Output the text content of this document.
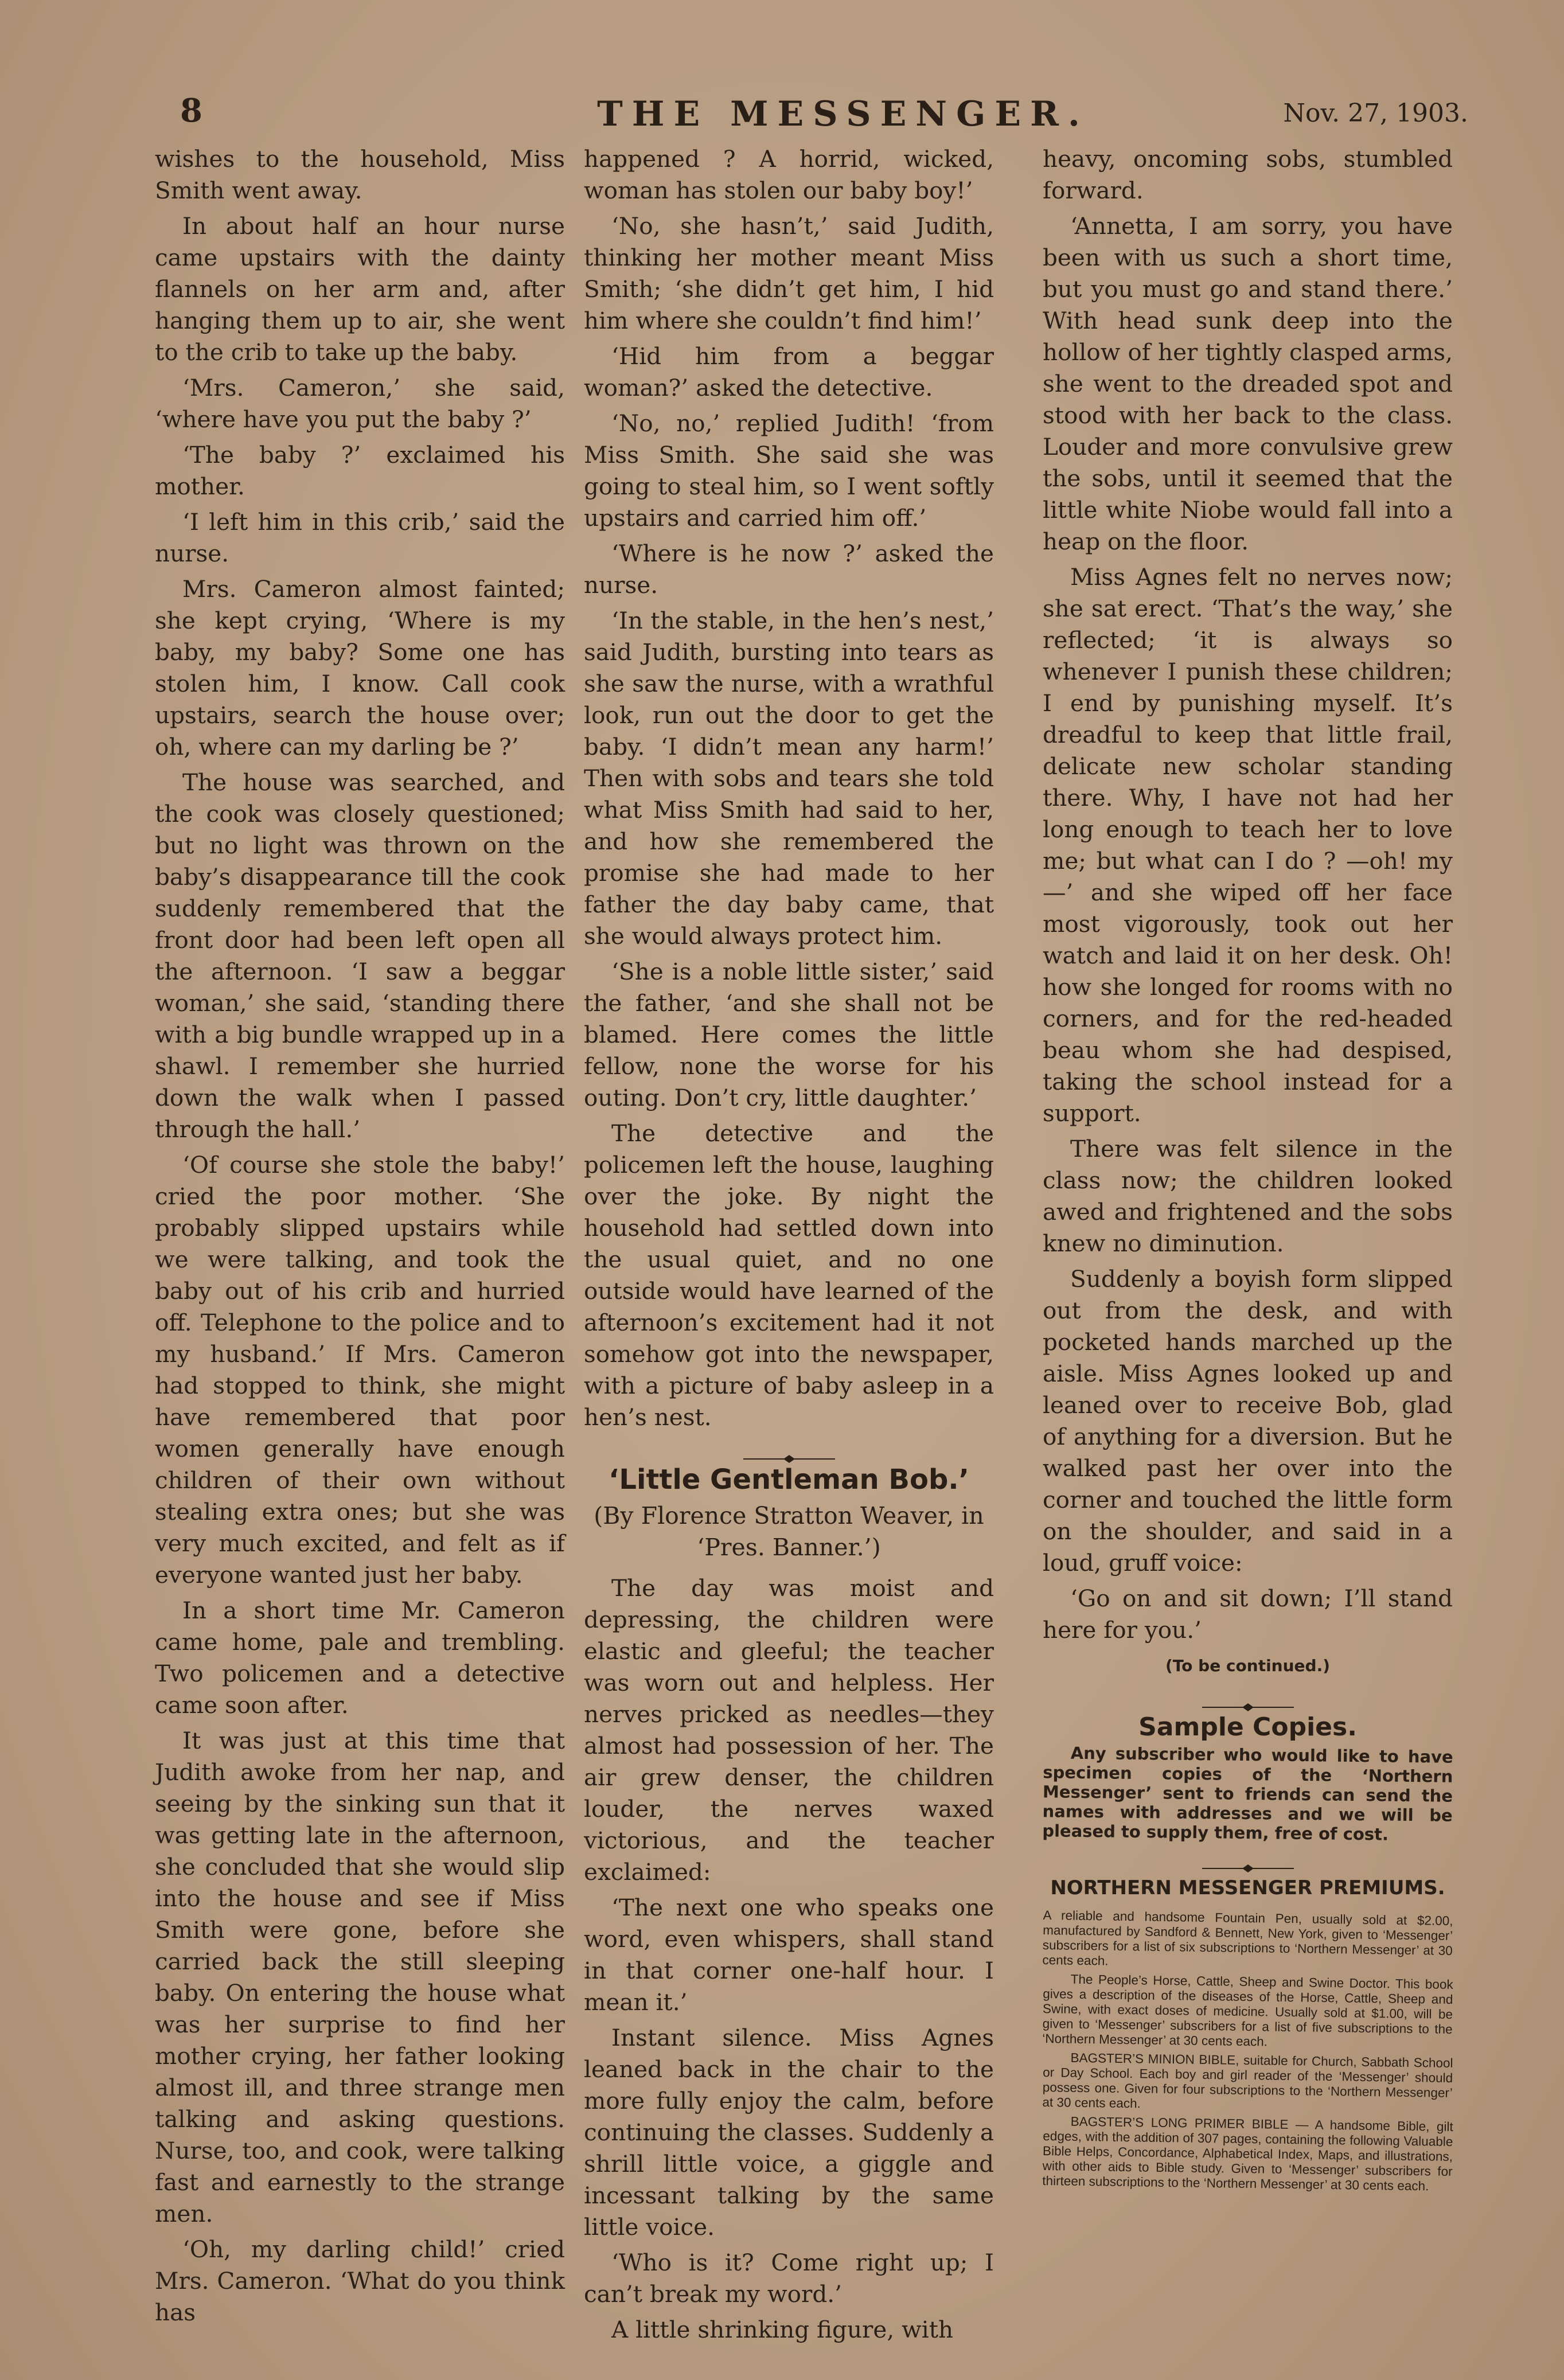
8	THE MESSENGER.	Nov. 27, 1903.

wishes to the household, Miss Smith went away.

In about half an hour nurse came upstairs with the dainty flannels on her arm and, after hanging them up to air, she went to the crib to take up the baby.

‘Mrs. Cameron,’ she said, ‘where have you put the baby ?’

‘The baby ?’ exclaimed his mother.

‘I left him in this crib,’ said the nurse.

Mrs. Cameron almost fainted; she kept crying, ‘Where is my baby, my baby? Some one has stolen him, I know. Call cook upstairs, search the house over; oh, where can my darling be ?’

The house was searched, and the cook was closely questioned; but no light was thrown on the baby’s disappearance till the cook suddenly remembered that the front door had been left open all the afternoon. ‘I saw a beggar woman,’ she said, ‘standing there with a big bundle wrapped up in a shawl. I remember she hurried down the walk when I passed through the hall.’

‘Of course she stole the baby!’ cried the poor mother. ‘She probably slipped upstairs while we were talking, and took the baby out of his crib and hurried off. Telephone to the police and to my husband.’ If Mrs. Cameron had stopped to think, she might have remembered that poor women generally have enough children of their own without stealing extra ones; but she was very much excited, and felt as if everyone wanted just her baby.

In a short time Mr. Cameron came home, pale and trembling. Two policemen and a detective came soon after.

It was just at this time that Judith awoke from her nap, and seeing by the sinking sun that it was getting late in the afternoon, she concluded that she would slip into the house and see if Miss Smith were gone, before she carried back the still sleeping baby. On entering the house what was her surprise to find her mother crying, her father looking almost ill, and three strange men talking and asking questions. Nurse, too, and cook, were talking fast and earnestly to the strange men.

‘Oh, my darling child!’ cried Mrs. Cameron. ‘What do you think has

happened ? A horrid, wicked, woman has stolen our baby boy!’

‘No, she hasn’t,’ said Judith, thinking her mother meant Miss Smith; ‘she didn’t get him, I hid him where she couldn’t find him!’

‘Hid him from a beggar woman?’ asked the detective.

‘No, no,’ replied Judith! ‘from Miss Smith. She said she was going to steal him, so I went softly upstairs and carried him off.’

‘Where is he now ?’ asked the nurse.

‘In the stable, in the hen’s nest,’ said Judith, bursting into tears as she saw the nurse, with a wrathful look, run out the door to get the baby. ‘I didn’t mean any harm!’ Then with sobs and tears she told what Miss Smith had said to her, and how she remembered the promise she had made to her father the day baby came, that she would always protect him.

‘She is a noble little sister,’ said the father, ‘and she shall not be blamed. Here comes the little fellow, none the worse for his outing. Don’t cry, little daughter.’

The detective and the policemen left the house, laughing over the joke. By night the household had settled down into the usual quiet, and no one outside would have learned of the afternoon’s excitement had it not somehow got into the newspaper, with a picture of baby asleep in a hen’s nest.

‘Little Gentleman Bob.’
(By Florence Stratton Weaver, in
‘Pres. Banner.’)

The day was moist and depressing, the children were elastic and gleeful; the teacher was worn out and helpless. Her nerves pricked as needles—they almost had possession of her. The air grew denser, the children louder, the nerves waxed victorious, and the teacher exclaimed:

‘The next one who speaks one word, even whispers, shall stand in that corner one-half hour. I mean it.’

Instant silence. Miss Agnes leaned back in the chair to the more fully enjoy the calm, before continuing the classes. Suddenly a shrill little voice, a giggle and incessant talking by the same little voice.

‘Who is it? Come right up; I can’t break my word.’

A little shrinking figure, with

heavy, oncoming sobs, stumbled forward.

‘Annetta, I am sorry, you have been with us such a short time, but you must go and stand there.’ With head sunk deep into the hollow of her tightly clasped arms, she went to the dreaded spot and stood with her back to the class. Louder and more convulsive grew the sobs, until it seemed that the little white Niobe would fall into a heap on the floor.

Miss Agnes felt no nerves now; she sat erect. ‘That’s the way,’ she reflected; ‘it is always so whenever I punish these children; I end by punishing myself. It’s dreadful to keep that little frail, delicate new scholar standing there. Why, I have not had her long enough to teach her to love me; but what can I do ? —oh! my—’ and she wiped off her face most vigorously, took out her watch and laid it on her desk. Oh! how she longed for rooms with no corners, and for the red-headed beau whom she had despised, taking the school instead for a support.

There was felt silence in the class now; the children looked awed and frightened and the sobs knew no diminution.

Suddenly a boyish form slipped out from the desk, and with pocketed hands marched up the aisle. Miss Agnes looked up and leaned over to receive Bob, glad of anything for a diversion. But he walked past her over into the corner and touched the little form on the shoulder, and said in a loud, gruff voice:

‘Go on and sit down; I’ll stand here for you.’

(To be continued.)
Sample Copies.

Any subscriber who would like to have specimen copies of the ‘Northern Messenger’ sent to friends can send the names with addresses and we will be pleased to supply them, free of cost.

NORTHERN MESSENGER PREMIUMS.

A reliable and handsome Fountain Pen, usually sold at $2.00, manufactured by Sandford & Bennett, New York, given to ‘Messenger’ subscribers for a list of six subscriptions to ‘Northern Messenger’ at 30 cents each.

The People’s Horse, Cattle, Sheep and Swine Doctor. This book gives a description of the diseases of the Horse, Cattle, Sheep and Swine, with exact doses of medicine. Usually sold at $1.00, will be given to ‘Messenger’ subscribers for a list of five subscriptions to the ‘Northern Messenger’ at 30 cents each.

BAGSTER’S MINION BIBLE, suitable for Church, Sabbath School or Day School. Each boy and girl reader of the ‘Messenger’ should possess one. Given for four subscriptions to the ‘Northern Messenger’ at 30 cents each.

BAGSTER’S LONG PRIMER BIBLE — A handsome Bible, gilt edges, with the addition of 307 pages, containing the following Valuable Bible Helps, Concordance, Alphabetical Index, Maps, and illustrations, with other aids to Bible study. Given to ‘Messenger’ subscribers for thirteen subscriptions to the ‘Northern Messenger’ at 30 cents each.
